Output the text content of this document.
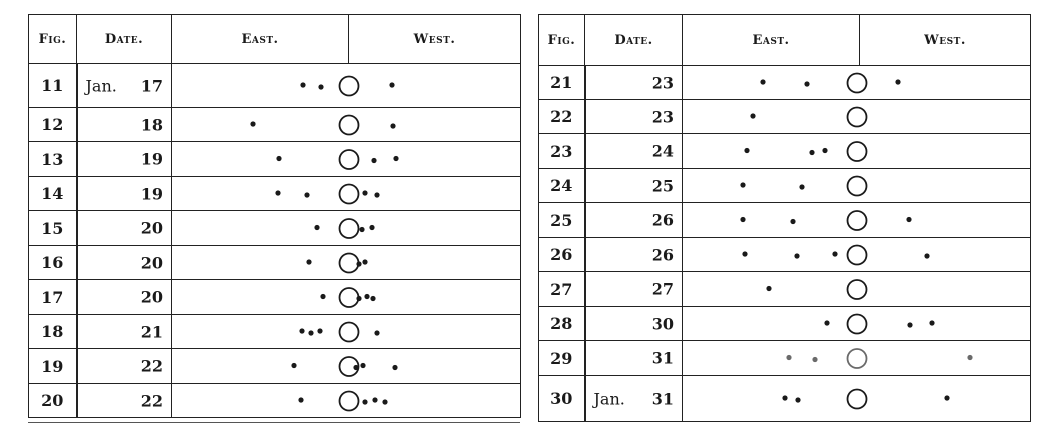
Fig.	Date.	East. West.

11	Jan. 17

12	18

13	19

14	19

15	20

16	20

17	20

18	21

19	22

20	22

Fig.	Date.	East. West.

21	23

22	23

23	24

24	25

25	26

26	26

27	27

28	30

29	31

30	Jan. 31
